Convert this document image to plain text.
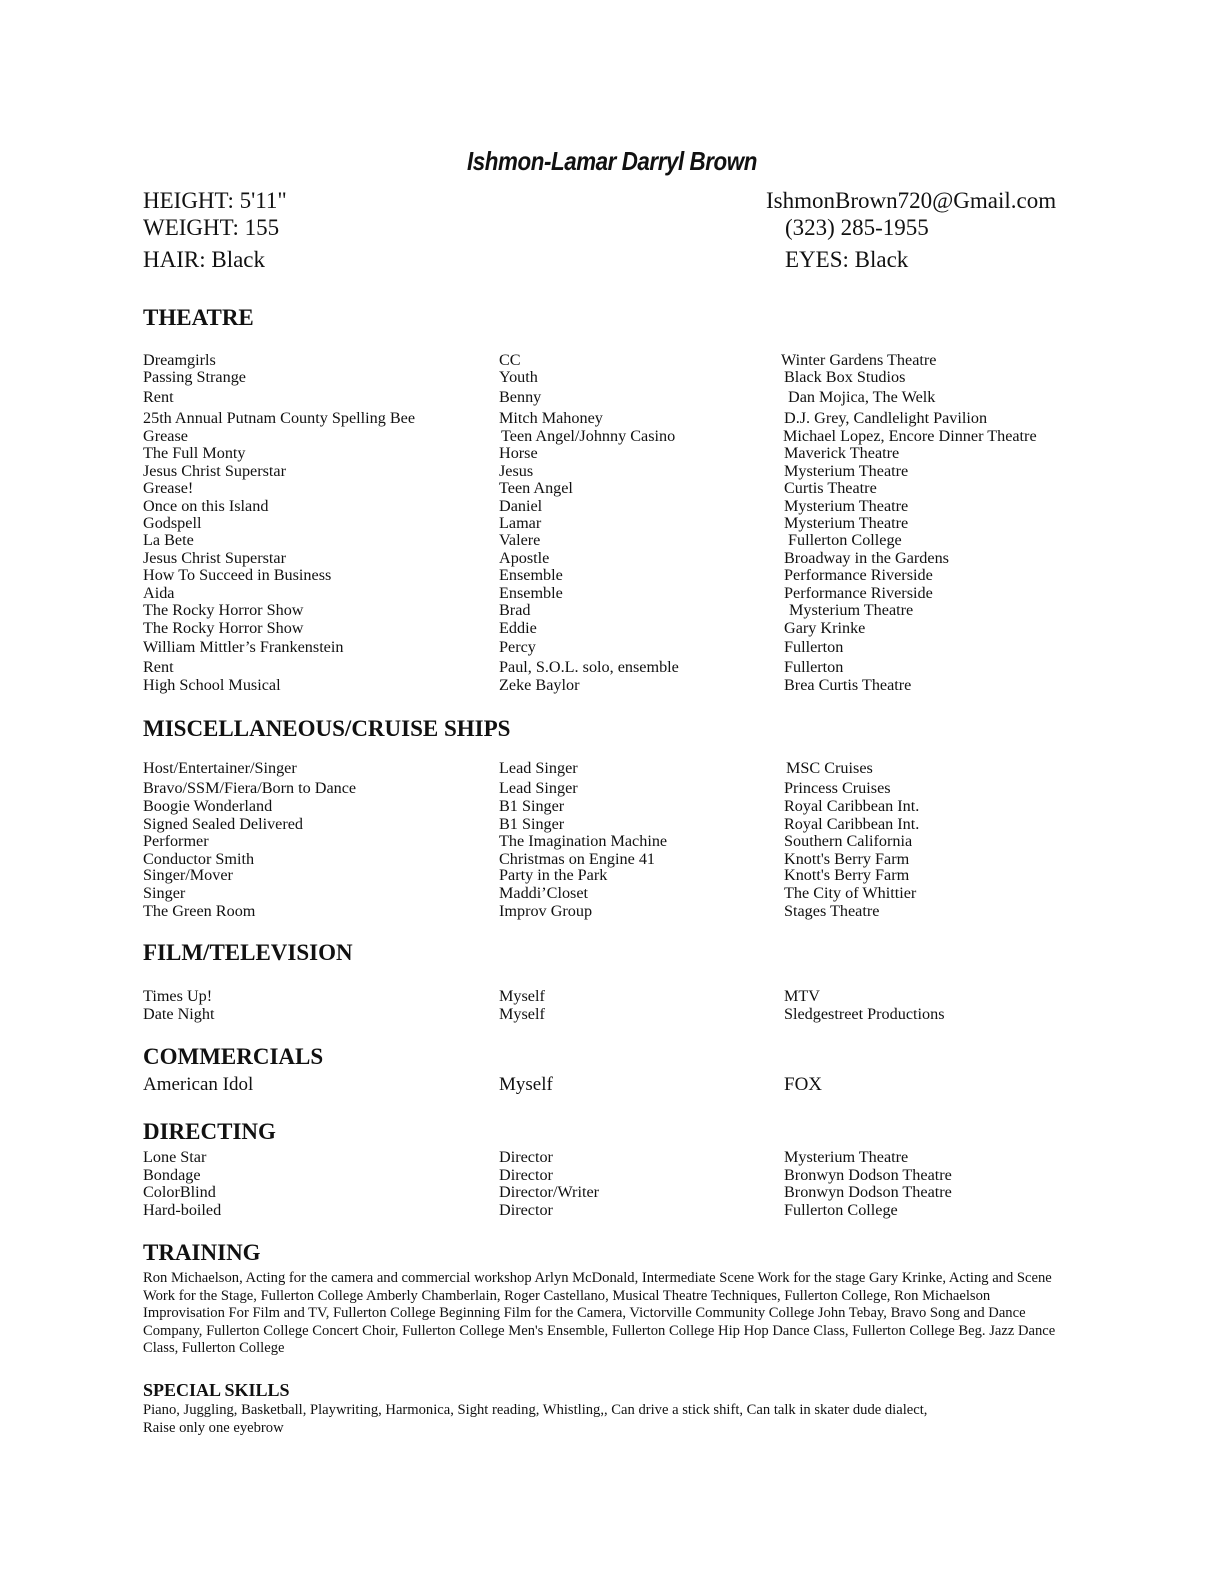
Ishmon-Lamar Darryl Brown
HEIGHT: 5'11"
WEIGHT: 155
HAIR: Black
IshmonBrown720@Gmail.com
(323) 285-1955
EYES: Black
THEATRE
Dreamgirls	CC	Winter Gardens Theatre
Passing Strange	Youth	Black Box Studios
Rent	Benny	Dan Mojica, The Welk
25th Annual Putnam County Spelling Bee	Mitch Mahoney	D.J. Grey, Candlelight Pavilion
Grease	Teen Angel/Johnny Casino	Michael Lopez, Encore Dinner Theatre
The Full Monty	Horse	Maverick Theatre
Jesus Christ Superstar	Jesus	Mysterium Theatre
Grease!	Teen Angel	Curtis Theatre
Once on this Island	Daniel	Mysterium Theatre
Godspell	Lamar	Mysterium Theatre
La Bete	Valere	Fullerton College
Jesus Christ Superstar	Apostle	Broadway in the Gardens
How To Succeed in Business	Ensemble	Performance Riverside
Aida	Ensemble	Performance Riverside
The Rocky Horror Show	Brad	Mysterium Theatre
The Rocky Horror Show	Eddie	Gary Krinke
William Mittler’s Frankenstein	Percy	Fullerton
Rent	Paul, S.O.L. solo, ensemble	Fullerton
High School Musical	Zeke Baylor	Brea Curtis Theatre
MISCELLANEOUS/CRUISE SHIPS
Host/Entertainer/Singer	Lead Singer	MSC Cruises
Bravo/SSM/Fiera/Born to Dance	Lead Singer	Princess Cruises
Boogie Wonderland	B1 Singer	Royal Caribbean Int.
Signed Sealed Delivered	B1 Singer	Royal Caribbean Int.
Performer	The Imagination Machine	Southern California
Conductor Smith	Christmas on Engine 41	Knott's Berry Farm
Singer/Mover	Party in the Park	Knott's Berry Farm
Singer	Maddi’Closet	The City of Whittier
The Green Room	Improv Group	Stages Theatre
FILM/TELEVISION
Times Up!	Myself	MTV
Date Night	Myself	Sledgestreet Productions
COMMERCIALS
American Idol	Myself	FOX
DIRECTING
Lone Star	Director	Mysterium Theatre
Bondage	Director	Bronwyn Dodson Theatre
ColorBlind	Director/Writer	Bronwyn Dodson Theatre
Hard-boiled	Director	Fullerton College
TRAINING
Ron Michaelson, Acting for the camera and commercial workshop Arlyn McDonald, Intermediate Scene Work for the stage Gary Krinke, Acting and Scene Work for the Stage, Fullerton College Amberly Chamberlain, Roger Castellano, Musical Theatre Techniques, Fullerton College, Ron Michaelson Improvisation For Film and TV, Fullerton College Beginning Film for the Camera, Victorville Community College John Tebay, Bravo Song and Dance Company, Fullerton College Concert Choir, Fullerton College Men's Ensemble, Fullerton College Hip Hop Dance Class, Fullerton College Beg. Jazz Dance Class, Fullerton College
SPECIAL SKILLS
Piano, Juggling, Basketball, Playwriting, Harmonica, Sight reading, Whistling,, Can drive a stick shift, Can talk in skater dude dialect,
Raise only one eyebrow
